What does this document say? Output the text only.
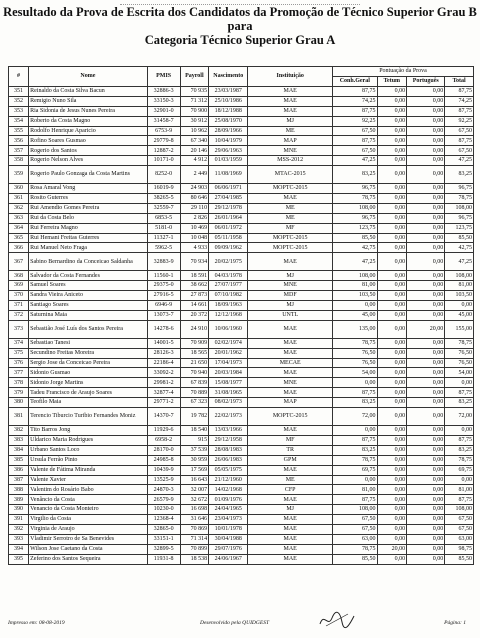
Resultado da Prova de Escrita dos Candidatos da Promoção de Técnico Superior Grau B
para
Categoria Técnico Superior Grau A
#	Nome	PMIS	Payroll	Nascimento	Instituição	Pontuação da Prova			
						Conh.Geral	Tetum	Português	Total
351	Reinaldo da Costa Silva Bacun	32886-3	70 935	23/03/1987	MAE	87,75	0,00	0,00	87,75
352	Remigio Nuno Sila	33150-3	71 312	25/10/1986	MAE	74,25	0,00	0,00	74,25
353	Ria Sidonia de Jesus Nunes Pereira	32901-0	70 900	18/12/1988	MAE	87,75	0,00	0,00	87,75
354	Roberto da Costa Magno	31458-7	30 912	25/08/1970	MJ	92,25	0,00	0,00	92,25
355	Rodolfo Henrique Aparicio	6753-9	10 962	28/09/1966	ME	67,50	0,00	0,00	67,50
356	Rofino Soares Gusmao	29779-8	67 340	10/04/1979	MAP	87,75	0,00	0,00	87,75
357	Rogerio dos Santos	12887-2	20 146	29/06/1963	MNE	67,50	0,00	0,00	67,50
358	Rogerio Nelson Alves	10171-0	4 912	01/03/1959	MSS-2012	47,25	0,00	0,00	47,25
359	Rogerio Paulo Gonzaga da Costa Martins	8252-0	2 449	11/08/1969	MTAC-2015	83,25	0,00	0,00	83,25
360	Rosa Amaral Vong	16019-9	24 903	06/06/1971	MOPTC-2015	96,75	0,00	0,00	96,75
361	Rosito Guterres	38265-5	80 646	27/04/1985	MAE	78,75	0,00	0,00	78,75
362	Rui Amendio Gomes Pereira	32559-7	29 110	29/12/1978	ME	108,00	0,00	0,00	108,00
363	Rui da Costa Belo	6853-5	2 826	26/01/1964	ME	96,75	0,00	0,00	96,75
364	Rui Ferreira Magno	5181-0	10 469	06/01/1972	MF	123,75	0,00	0,00	123,75
365	Rui Hemani Freitas Guterres	11327-1	10 048	05/11/1958	MOPTC-2015	85,50	0,00	0,00	85,50
366	Rui Manuel Neto Fraga	5962-5	4 933	09/09/1962	MOPTC-2015	42,75	0,00	0,00	42,75
367	Sabino Bernardino da Conceicao Saldanha	32883-9	70 934	20/02/1975	MAE	47,25	0,00	0,00	47,25
368	Salvador da Costa Fernandes	11560-1	18 591	04/03/1978	MJ	108,00	0,00	0,00	108,00
369	Samuel Soares	29375-0	38 662	27/07/1977	MNE	81,00	0,00	0,00	81,00
370	Sandra Vieira Aniceto	27916-5	27 873	07/10/1982	MDF	103,50	0,00	0,00	103,50
371	Santiago Soares	6946-9	14 661	18/09/1963	MJ	0,00	0,00	0,00	0,00
372	Saturnina Maia	13073-7	20 372	12/12/1968	UNTL	45,00	0,00	0,00	45,00
373	Sebastião José Luís dos Santos Pereira	14278-6	24 910	10/06/1960	MAE	135,00	0,00	20,00	155,00
374	Sebastiao Tanesi	14001-5	70 909	02/02/1974	MAE	78,75	0,00	0,00	78,75
375	Secundino Freitas Moreira	28126-3	18 565	20/01/1962	MAE	76,50	0,00	0,00	76,50
376	Sergio Jose da Conceicao Pereira	22186-4	21 650	17/04/1973	MECAE	76,50	0,00	0,00	76,50
377	Sidonio Gusmao	33092-2	70 940	20/03/1984	MAE	54,00	0,00	0,00	54,00
378	Sidonio Jorge Martins	29981-2	67 839	15/08/1977	MNE	0,00	0,00	0,00	0,00
379	Tadeu Francisco de Araujo Soares	32877-4	70 889	31/08/1965	MAE	87,75	0,00	0,00	87,75
380	Teofilo Maia	29771-2	67 323	08/02/1973	MAP	83,25	0,00	0,00	83,25
381	Terencio Tiburcio Turibio Fernandes Moniz	14370-7	19 782	22/02/1973	MOPTC-2015	72,00	0,00	0,00	72,00
382	Tito Barros Jong	11929-6	18 540	13/03/1966	MAE	0,00	0,00	0,00	0,00
383	Uldarico Maria Rodrigues	6958-2	915	29/12/1958	MF	87,75	0,00	0,00	87,75
384	Urbano Santos Loco	28170-0	37 539	28/08/1983	TR	83,25	0,00	0,00	83,25
385	Ursula Ferrão Pinto	24985-8	30 959	26/06/1983	GPM	78,75	0,00	0,00	78,75
386	Valente de Fátima Miranda	10439-9	17 569	05/05/1975	MAE	69,75	0,00	0,00	69,75
387	Valente Xavier	13525-9	16 643	21/12/1960	ME	0,00	0,00	0,00	0,00
388	Valentim do Rosário Babo	24870-3	32 007	14/02/1968	CFP	81,00	0,00	0,00	81,00
389	Venâncio da Costa	26579-9	32 672	01/09/1976	MAE	87,75	0,00	0,00	87,75
390	Venancio da Costa Monteiro	10230-0	16 698	24/04/1965	MJ	108,00	0,00	0,00	108,00
391	Virgilio da Costa	12368-4	31 646	23/04/1973	MAE	67,50	0,00	0,00	67,50
392	Virginia de Araujo	32865-0	70 869	10/01/1978	MAE	67,50	0,00	0,00	67,50
393	Vladimir Serrotro de Sa Benevides	33151-1	71 314	30/04/1988	MAE	63,00	0,00	0,00	63,00
394	Wilson Jose Caetano da Costa	32899-5	70 899	29/07/1976	MAE	78,75	20,00	0,00	98,75
395	Zeferino dos Santos Sequeira	11931-8	18 538	24/06/1967	MAE	85,50	0,00	0,00	85,50
Impresso em: 08-08-2019	Desenvolvido pela QUIDGEST	Página: 1
